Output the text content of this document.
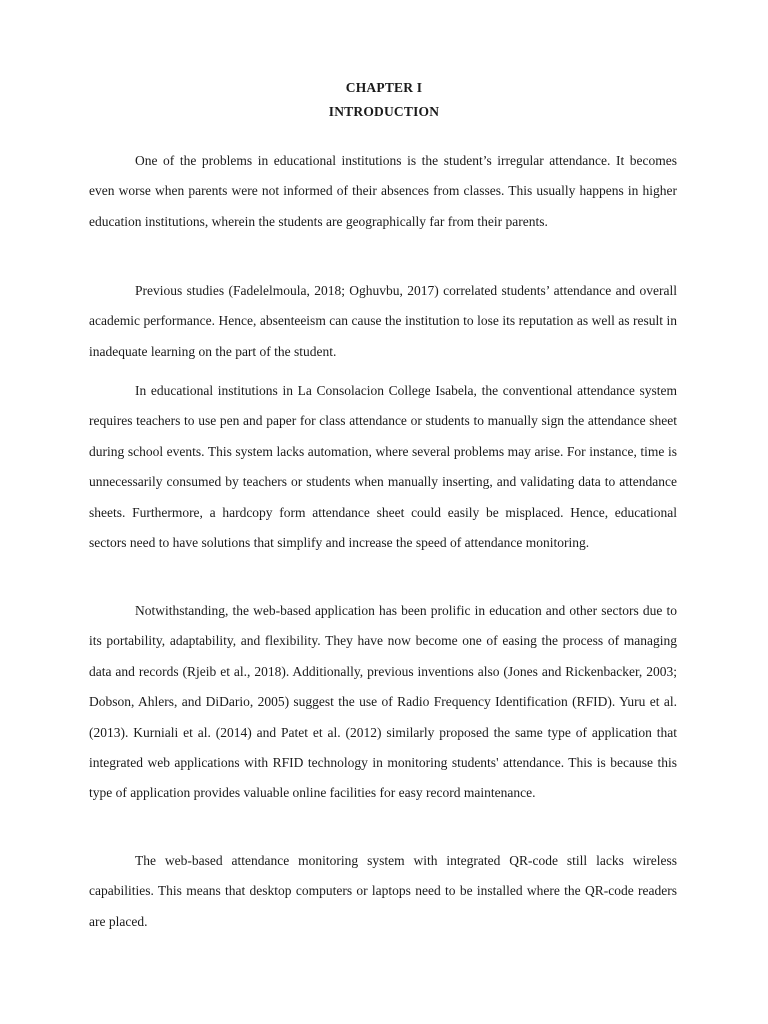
CHAPTER I
INTRODUCTION

One of the problems in educational institutions is the student’s irregular attendance. It becomes even worse when parents were not informed of their absences from classes. This usually happens in higher education institutions, wherein the students are geographically far from their parents.

Previous studies (Fadelelmoula, 2018; Oghuvbu, 2017) correlated students’ attendance and overall academic performance. Hence, absenteeism can cause the institution to lose its reputation as well as result in inadequate learning on the part of the student.

In educational institutions in La Consolacion College Isabela, the conventional attendance system requires teachers to use pen and paper for class attendance or students to manually sign the attendance sheet during school events. This system lacks automation, where several problems may arise. For instance, time is unnecessarily consumed by teachers or students when manually inserting, and validating data to attendance sheets. Furthermore, a hardcopy form attendance sheet could easily be misplaced. Hence, educational sectors need to have solutions that simplify and increase the speed of attendance monitoring.

Notwithstanding, the web-based application has been prolific in education and other sectors due to its portability, adaptability, and flexibility. They have now become one of easing the process of managing data and records (Rjeib et al., 2018). Additionally, previous inventions also (Jones and Rickenbacker, 2003; Dobson, Ahlers, and DiDario, 2005) suggest the use of Radio Frequency Identification (RFID). Yuru et al. (2013). Kurniali et al. (2014) and Patet et al. (2012) similarly proposed the same type of application that integrated web applications with RFID technology in monitoring students' attendance. This is because this type of application provides valuable online facilities for easy record maintenance.

The web-based attendance monitoring system with integrated QR-code still lacks wireless capabilities. This means that desktop computers or laptops need to be installed where the QR-code readers are placed.
